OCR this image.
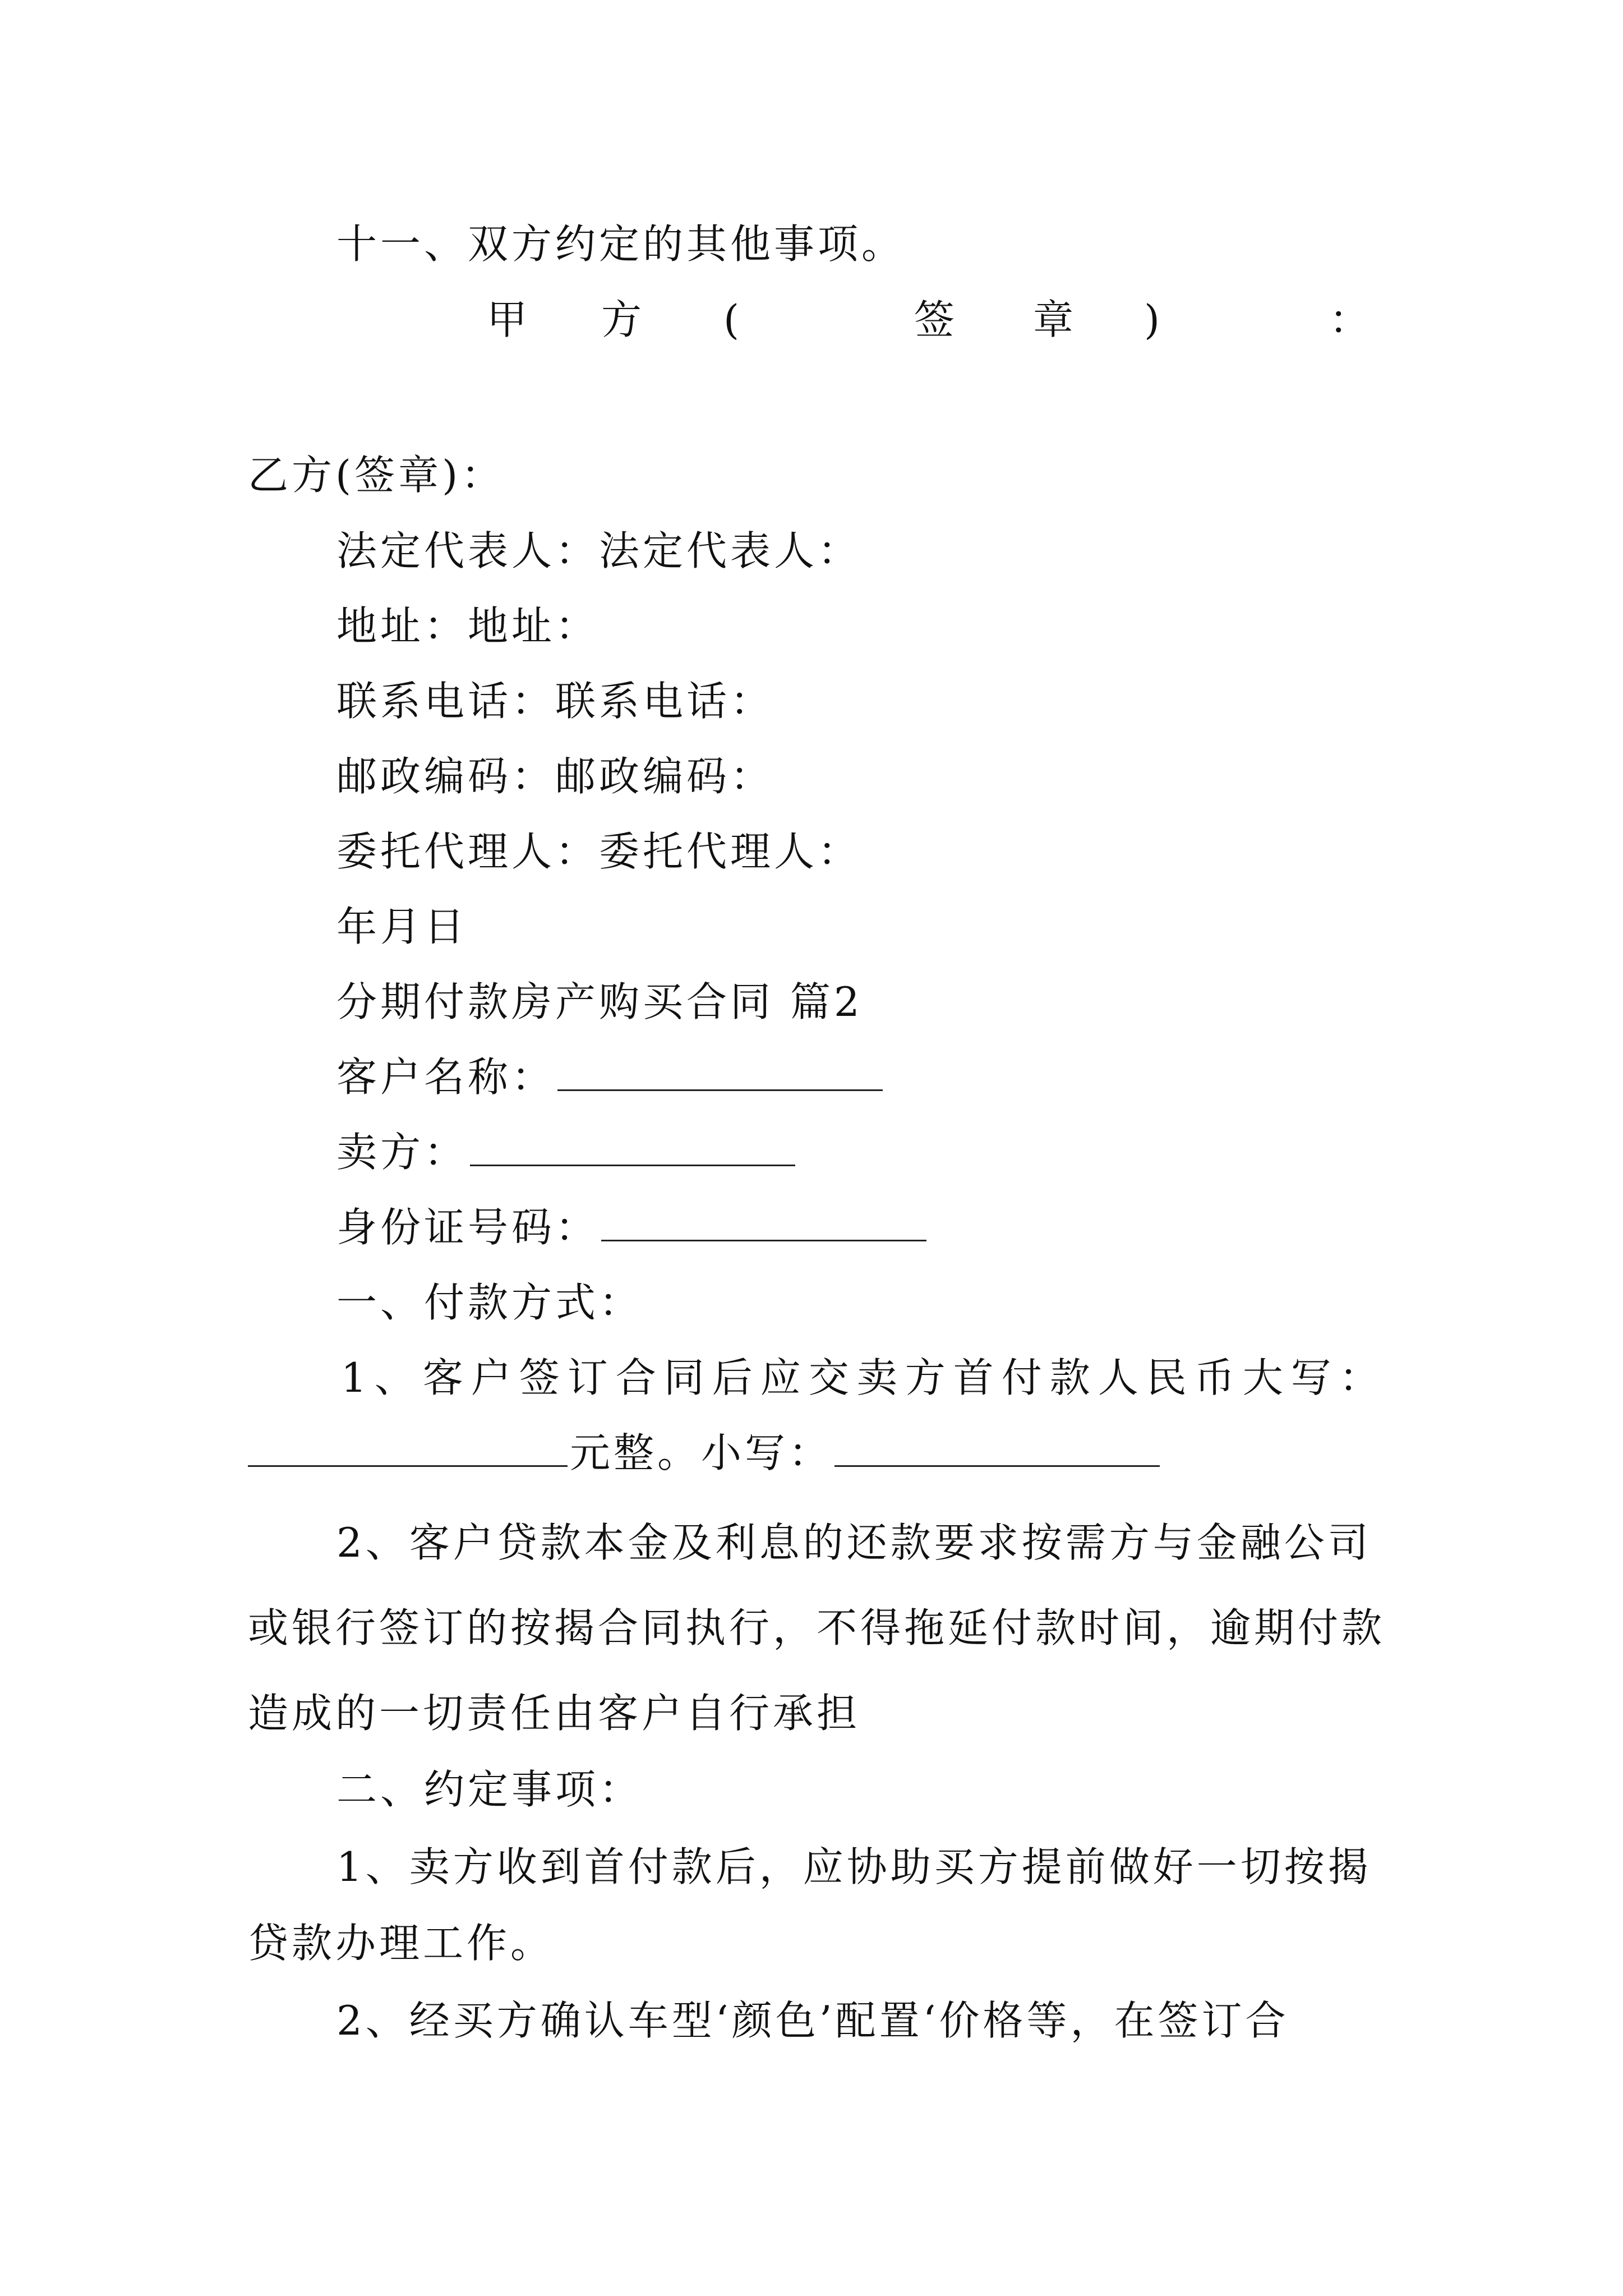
十一、双方约定的其他事项。
甲 方 (	签 章 )	：
乙方(签章)：
法定代表人：法定代表人：
地址：地址：
联系电话：联系电话：
邮政编码：邮政编码：
委托代理人：委托代理人：
年月日
分期付款房产购买合同 篇2
客户名称：
卖方：
身份证号码：
一、付款方式：
1、客户签订合同后应交卖方首付款人民币大写：
元整。小写：
2、客户贷款本金及利息的还款要求按需方与金融公司
或银行签订的按揭合同执行，不得拖延付款时间，逾期付款
造成的一切责任由客户自行承担
二、约定事项：
1、卖方收到首付款后，应协助买方提前做好一切按揭
贷款办理工作。
2、经买方确认车型‘颜色’配置‘价格等，在签订合
